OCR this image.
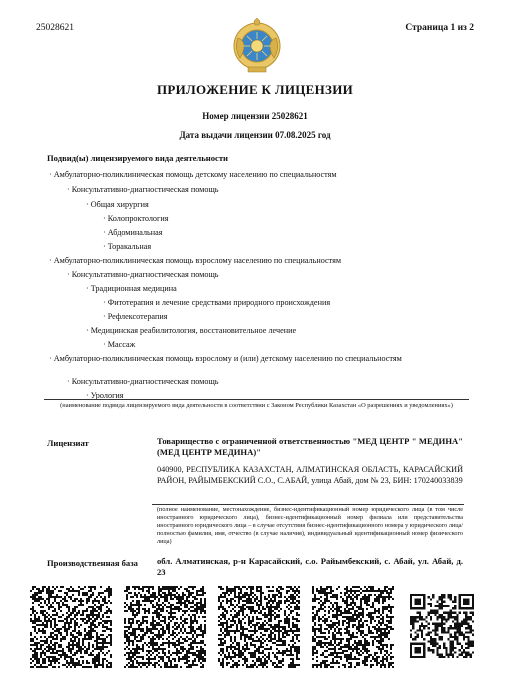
25028621	Страница 1 из 2
ПРИЛОЖЕНИЕ К ЛИЦЕНЗИИ
Номер лицензии 25028621
Дата выдачи лицензии 07.08.2025 год
Подвид(ы) лицензируемого вида деятельности
· Амбулаторно-поликлиническая помощь детскому населению по специальностям
· Консультативно-диагностическая помощь
· Общая хирургия
· Колопроктология
· Абдоминальная
· Торакальная
· Амбулаторно-поликлиническая помощь взрослому населению по специальностям
· Консультативно-диагностическая помощь
· Традиционная медицина
· Фитотерапия и лечение средствами природного происхождения
· Рефлексотерапия
· Медицинская реабилитология, восстановительное лечение
· Массаж
· Амбулаторно-поликлиническая помощь взрослому и (или) детскому населению по специальностям
· Консультативно-диагностическая помощь
· Урология
(наименование подвида лицензируемого вида деятельности в соответствии с Законом Республики Казахстан «О разрешениях и уведомлениях»)
Лицензиат	Товарищество с ограниченной ответственностью "МЕД ЦЕНТР " МЕДИНА" (МЕД ЦЕНТР МЕДИНА)"
040900, РЕСПУБЛИКА КАЗАХСТАН, АЛМАТИНСКАЯ ОБЛАСТЬ, КАРАСАЙСКИЙ РАЙОН, РАЙЫМБЕКСКИЙ С.О., С.АБАЙ, улица Абай, дом № 23, БИН: 170240033839
(полное наименование, местонахождение, бизнес-идентификационный номер юридического лица (в том числе иностранного юридического лица), бизнес-идентификационный номер филиала или представительства иностранного юридического лица – в случае отсутствия бизнес-идентификационного номера у юридического лица/полностью фамилия, имя, отчество (в случае наличия), индивидуальный идентификационный номер физического лица)
Производственная база обл. Алматинская, р-н Карасайский, с.о. Райымбекский, с. Абай, ул. Абай, д. 23
